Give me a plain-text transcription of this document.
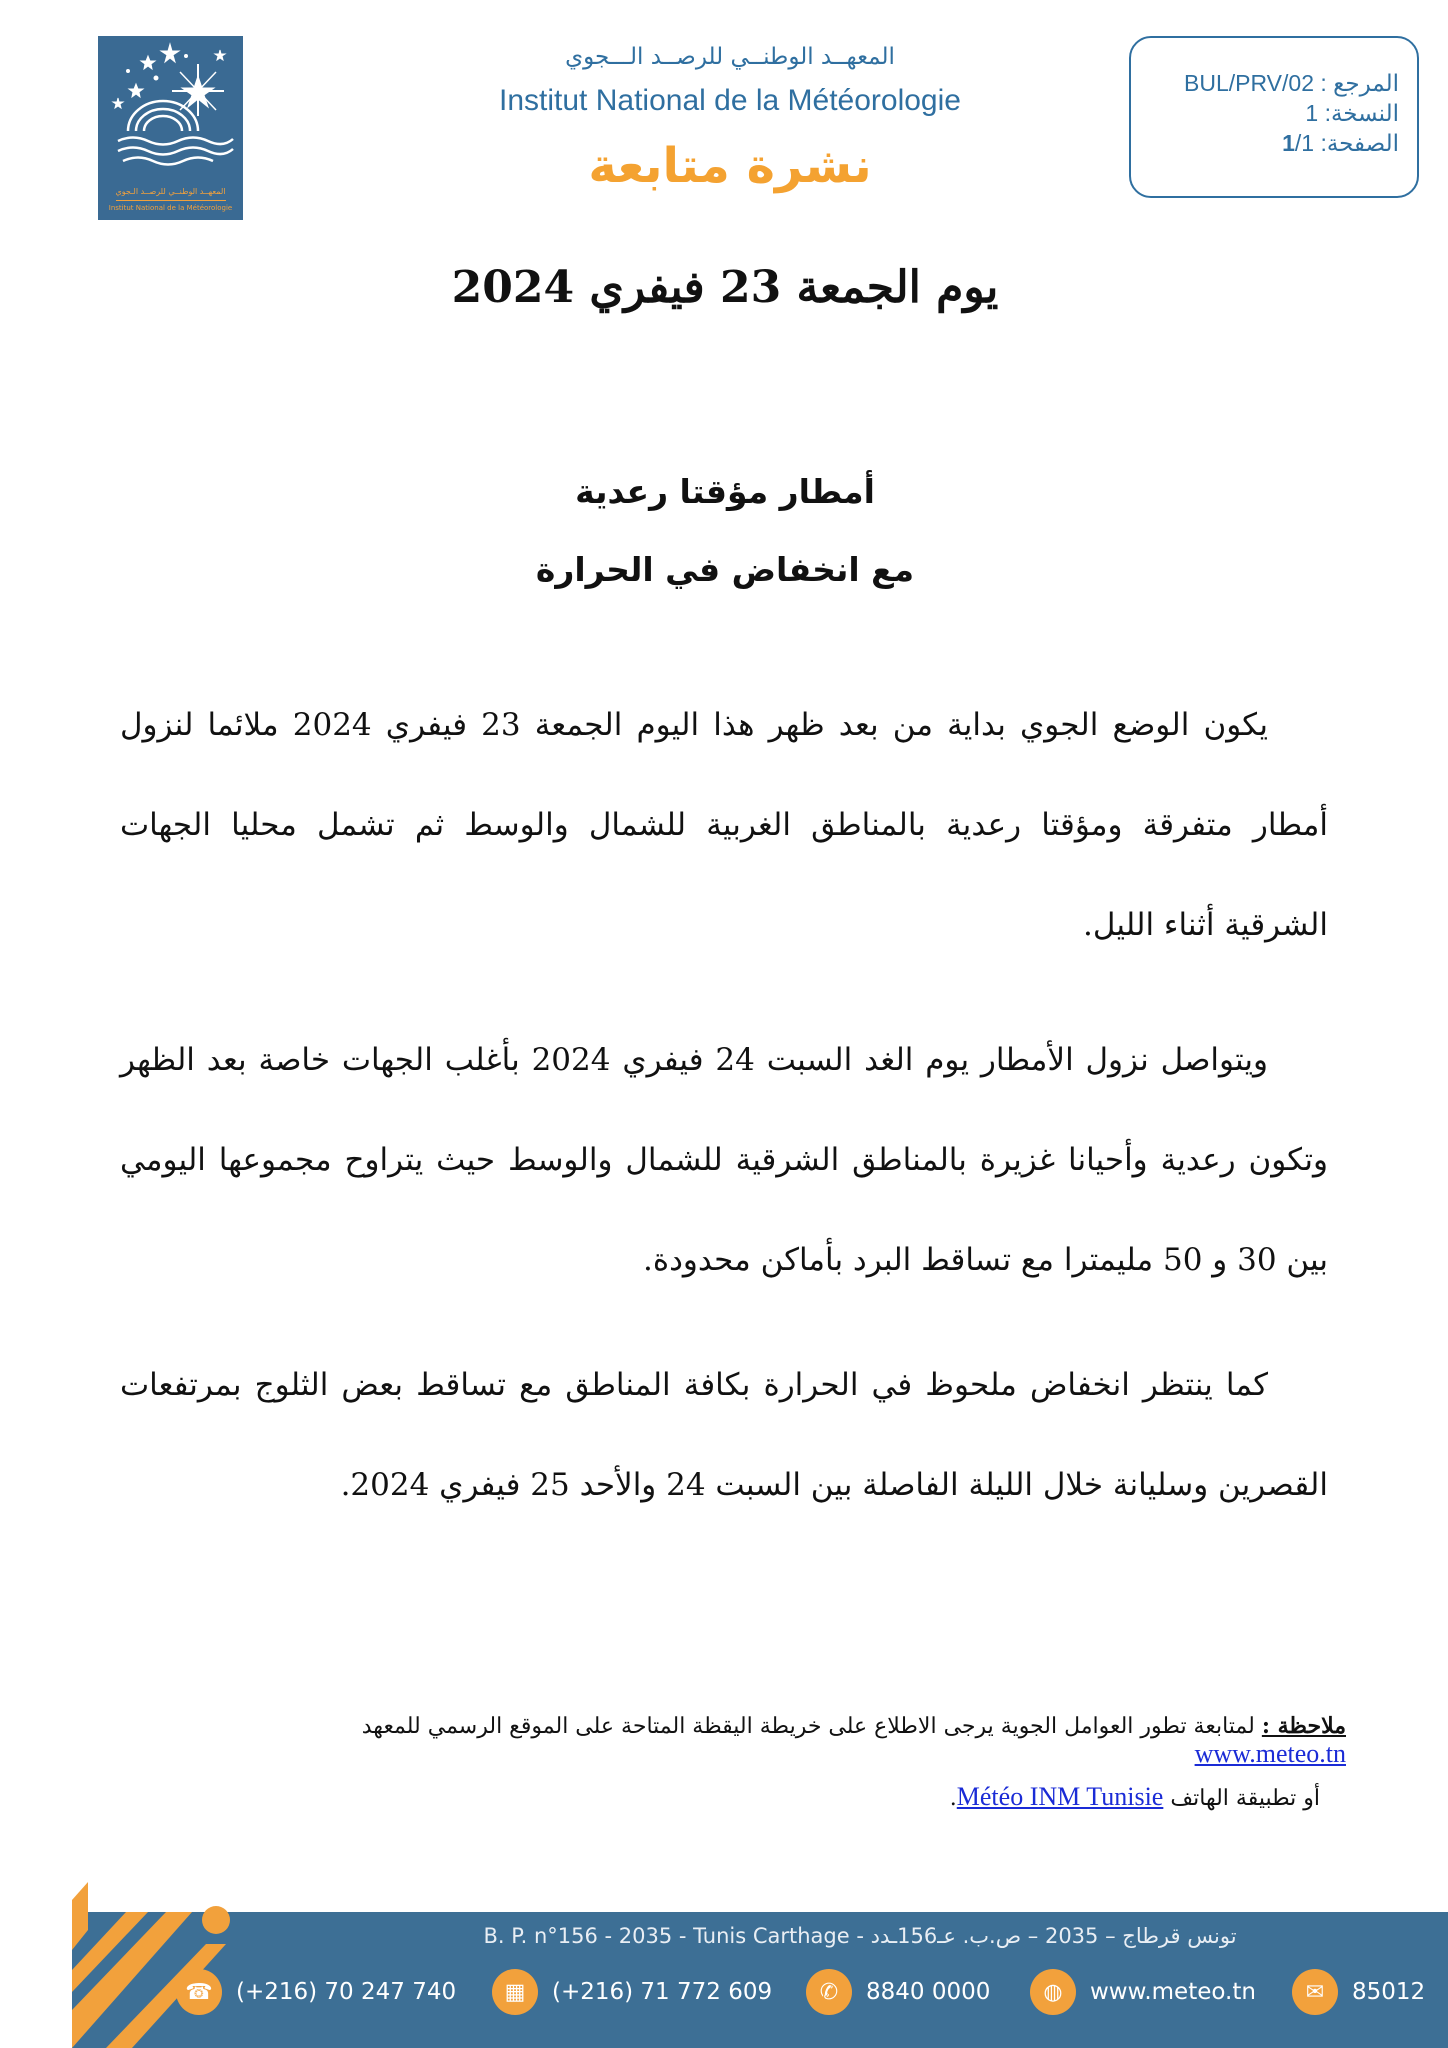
المعهــد الوطنــي للرصــد الـجوي
Institut National de la Météorologie
المعهــد الوطنــي للرصــد الـــجوي
Institut National de la Météorologie
نشرة متابعة
المرجع : BUL/PRV/02
النسخة: 1
الصفحة: 1/1
يوم الجمعة 23 فيفري 2024
أمطار مؤقتا رعدية
مع انخفاض في الحرارة

يكون الوضع الجوي بداية من بعد ظهر هذا اليوم الجمعة 23 فيفري 2024 ملائما لنزول أمطار متفرقة ومؤقتا رعدية بالمناطق الغربية للشمال والوسط ثم تشمل محليا الجهات الشرقية أثناء الليل.

ويتواصل نزول الأمطار يوم الغد السبت 24 فيفري 2024 بأغلب الجهات خاصة بعد الظهر وتكون رعدية وأحيانا غزيرة بالمناطق الشرقية للشمال والوسط حيث يتراوح مجموعها اليومي بين 30 و 50 مليمترا مع تساقط البرد بأماكن محدودة.

كما ينتظر انخفاض ملحوظ في الحرارة بكافة المناطق مع تساقط بعض الثلوج بمرتفعات القصرين وسليانة خلال الليلة الفاصلة بين السبت 24 والأحد 25 فيفري 2024.

ملاحظة : لمتابعة تطور العوامل الجوية يرجى الاطلاع على خريطة اليقظة المتاحة على الموقع الرسمي للمعهد www.meteo.tn
أو تطبيقة الهاتف Météo INM Tunisie.
B. P. n°156 - 2035 - Tunis Carthage - تونس قرطاج – 2035 – ص.ب. عـ156ـدد
☎	(+216) 70 247 740	▦	(+216) 71 772 609	✆	8840 0000	◍	www.meteo.tn	✉	85012
